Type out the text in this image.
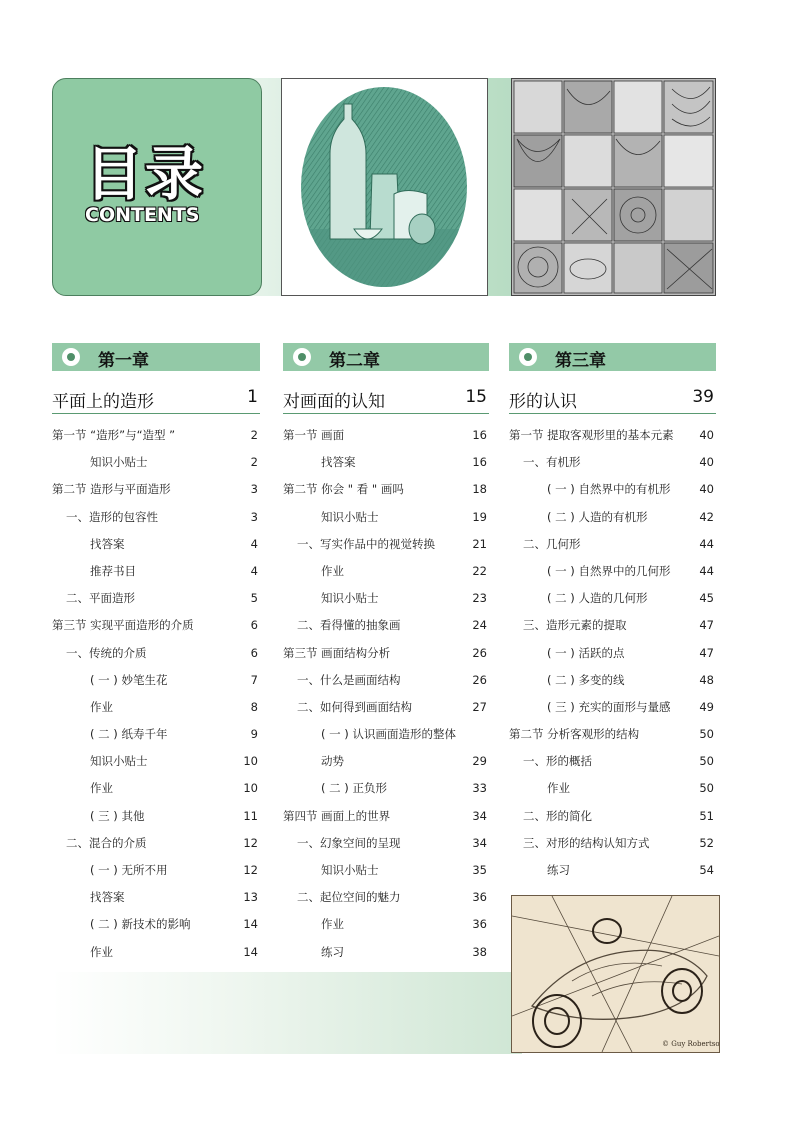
目录
CONTENTS
© Guy Robertson
第一章
平面上的造形	1
第一节 “造形”与“造型 ”	2
知识小贴士	2
第二节 造形与平面造形	3
一、造形的包容性	3
找答案	4
推荐书目	4
二、平面造形	5
第三节 实现平面造形的介质	6
一、传统的介质	6
( 一 ) 妙笔生花	7
作业	8
( 二 ) 纸寿千年	9
知识小贴士	10
作业	10
( 三 ) 其他	11
二、混合的介质	12
( 一 ) 无所不用	12
找答案	13
( 二 ) 新技术的影响	14
作业	14
第二章
对画面的认知	15
第一节 画面	16
找答案	16
第二节 你会 " 看 " 画吗	18
知识小贴士	19
一、写实作品中的视觉转换	21
作业	22
知识小贴士	23
二、看得懂的抽象画	24
第三节 画面结构分析	26
一、什么是画面结构	26
二、如何得到画面结构	27
( 一 ) 认识画面造形的整体
动势	29
( 二 ) 正负形	33
第四节 画面上的世界	34
一、幻象空间的呈现	34
知识小贴士	35
二、起位空间的魅力	36
作业	36
练习	38
第三章
形的认识	39
第一节 提取客观形里的基本元素 40
一、有机形	40
( 一 ) 自然界中的有机形	40
( 二 ) 人造的有机形	42
二、几何形	44
( 一 ) 自然界中的几何形	44
( 二 ) 人造的几何形	45
三、造形元素的提取	47
( 一 ) 活跃的点	47
( 二 ) 多变的线	48
( 三 ) 充实的面形与量感	49
第二节 分析客观形的结构	50
一、形的概括	50
作业	50
二、形的简化	51
三、对形的结构认知方式	52
练习	54
